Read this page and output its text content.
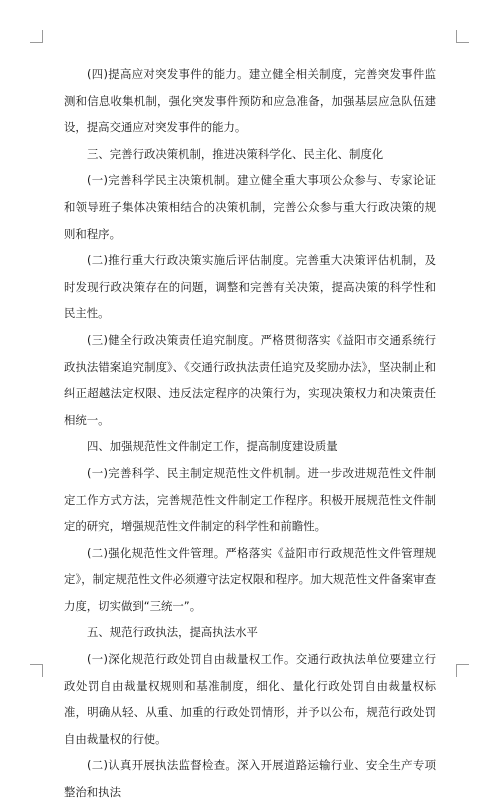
(四)提高应对突发事件的能力。建立健全相关制度，完善突发事件监测和信息收集机制，强化突发事件预防和应急准备，加强基层应急队伍建设，提高交通应对突发事件的能力。

三、完善行政决策机制，推进决策科学化、民主化、制度化

(一)完善科学民主决策机制。建立健全重大事项公众参与、专家论证和领导班子集体决策相结合的决策机制，完善公众参与重大行政决策的规则和程序。

(二)推行重大行政决策实施后评估制度。完善重大决策评估机制，及时发现行政决策存在的问题，调整和完善有关决策，提高决策的科学性和民主性。

(三)健全行政决策责任追究制度。严格贯彻落实《益阳市交通系统行政执法错案追究制度》、《交通行政执法责任追究及奖励办法》，坚决制止和纠正超越法定权限、违反法定程序的决策行为，实现决策权力和决策责任相统一。

四、加强规范性文件制定工作，提高制度建设质量

(一)完善科学、民主制定规范性文件机制。进一步改进规范性文件制定工作方式方法，完善规范性文件制定工作程序。积极开展规范性文件制定的研究，增强规范性文件制定的科学性和前瞻性。

(二)强化规范性文件管理。严格落实《益阳市行政规范性文件管理规定》，制定规范性文件必须遵守法定权限和程序。加大规范性文件备案审查力度，切实做到“三统一”。

五、规范行政执法，提高执法水平

(一)深化规范行政处罚自由裁量权工作。交通行政执法单位要建立行政处罚自由裁量权规则和基准制度，细化、量化行政处罚自由裁量权标准，明确从轻、从重、加重的行政处罚情形，并予以公布，规范行政处罚自由裁量权的行使。

(二)认真开展执法监督检查。深入开展道路运输行业、安全生产专项整治和执法
